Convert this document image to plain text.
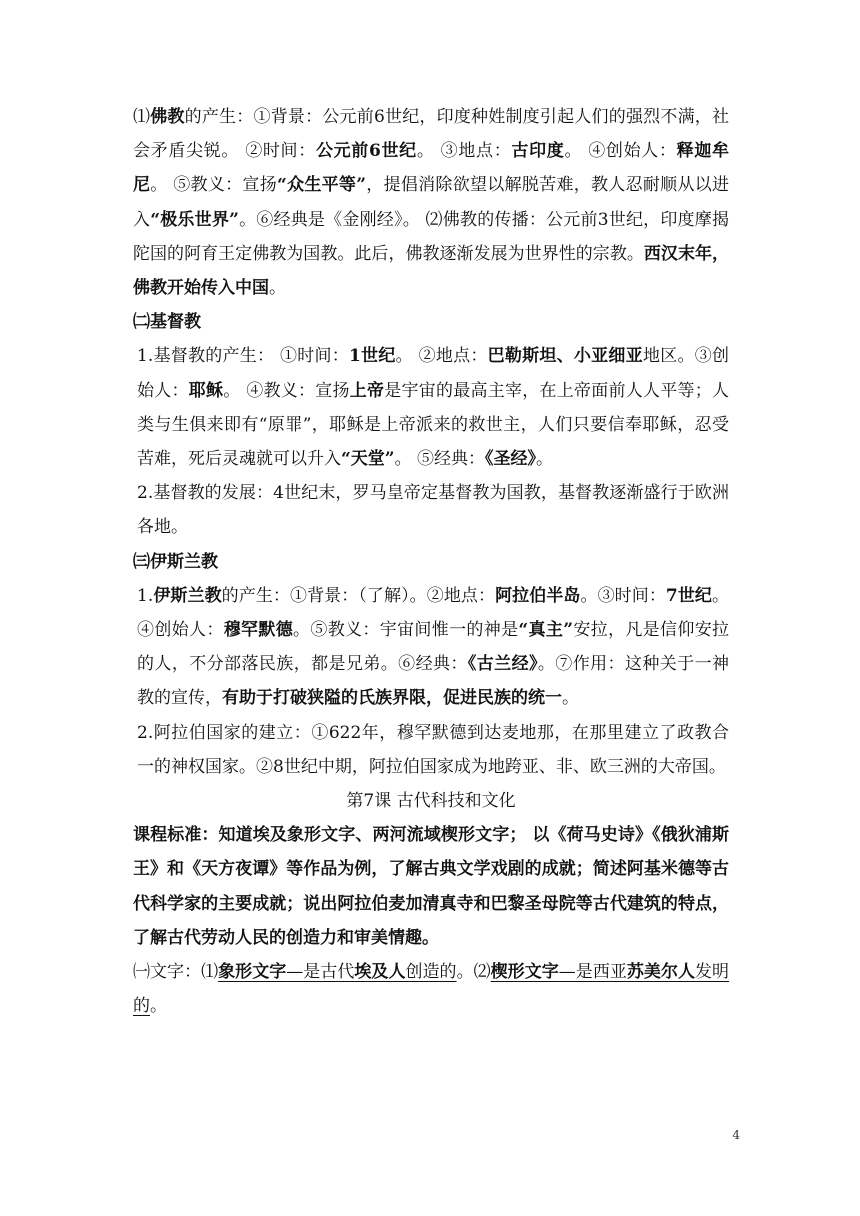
⑴佛教的产生：①背景：公元前6世纪，印度种姓制度引起人们的强烈不满，社会矛盾尖锐。 ②时间：公元前6世纪。 ③地点：古印度。 ④创始人：释迦牟尼。 ⑤教义：宣扬“众生平等”，提倡消除欲望以解脱苦难，教人忍耐顺从以进入“极乐世界”。⑥经典是《金刚经》。 ⑵佛教的传播：公元前3世纪，印度摩揭陀国的阿育王定佛教为国教。此后，佛教逐渐发展为世界性的宗教。西汉末年，佛教开始传入中国。

㈡基督教

1.基督教的产生： ①时间：1世纪。 ②地点：巴勒斯坦、小亚细亚地区。③创始人：耶稣。 ④教义：宣扬上帝是宇宙的最高主宰，在上帝面前人人平等；人类与生俱来即有“原罪”，耶稣是上帝派来的救世主，人们只要信奉耶稣，忍受苦难，死后灵魂就可以升入“天堂”。 ⑤经典：《圣经》。

2.基督教的发展：4世纪末，罗马皇帝定基督教为国教，基督教逐渐盛行于欧洲各地。

㈢伊斯兰教

1.伊斯兰教的产生：①背景：（了解）。②地点：阿拉伯半岛。③时间：7世纪。④创始人：穆罕默德。⑤教义：宇宙间惟一的神是“真主”安拉，凡是信仰安拉的人，不分部落民族，都是兄弟。⑥经典：《古兰经》。⑦作用：这种关于一神教的宣传，有助于打破狭隘的氏族界限，促进民族的统一。

2.阿拉伯国家的建立：①622年，穆罕默德到达麦地那，在那里建立了政教合一的神权国家。②8世纪中期，阿拉伯国家成为地跨亚、非、欧三洲的大帝国。

第7课 古代科技和文化

课程标准：知道埃及象形文字、两河流域楔形文字； 以《荷马史诗》《俄狄浦斯王》和《天方夜谭》等作品为例，了解古典文学戏剧的成就；简述阿基米德等古代科学家的主要成就；说出阿拉伯麦加清真寺和巴黎圣母院等古代建筑的特点，了解古代劳动人民的创造力和审美情趣。

㈠文字：⑴象形文字—是古代埃及人创造的。⑵楔形文字—是西亚苏美尔人发明的。

4
